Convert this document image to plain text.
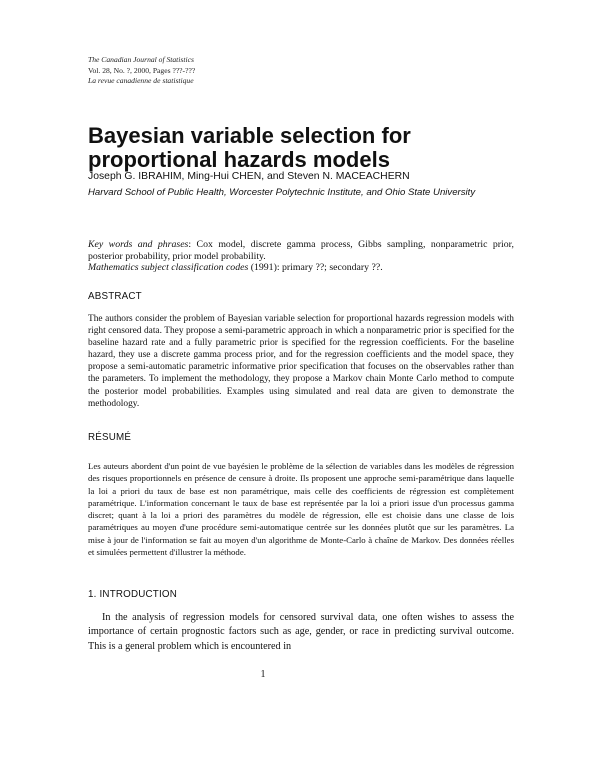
The Canadian Journal of Statistics
Vol. 28, No. ?, 2000, Pages ???-???
La revue canadienne de statistique
Bayesian variable selection for proportional hazards models
Joseph G. IBRAHIM, Ming-Hui CHEN, and Steven N. MACEACHERN
Harvard School of Public Health, Worcester Polytechnic Institute, and Ohio State University
Key words and phrases: Cox model, discrete gamma process, Gibbs sampling, nonparametric prior, posterior probability, prior model probability.
Mathematics subject classification codes (1991): primary ??; secondary ??.
ABSTRACT

The authors consider the problem of Bayesian variable selection for proportional hazards regression models with right censored data. They propose a semi-parametric approach in which a nonparametric prior is specified for the baseline hazard rate and a fully parametric prior is specified for the regression coefficients. For the baseline hazard, they use a discrete gamma process prior, and for the regression coefficients and the model space, they propose a semi-automatic parametric informative prior specification that focuses on the observables rather than the parameters. To implement the methodology, they propose a Markov chain Monte Carlo method to compute the posterior model probabilities. Examples using simulated and real data are given to demonstrate the methodology.

RÉSUMÉ

Les auteurs abordent d'un point de vue bayésien le problème de la sélection de variables dans les modèles de régression des risques proportionnels en présence de censure à droite. Ils proposent une approche semi-paramétrique dans laquelle la loi a priori du taux de base est non paramétrique, mais celle des coefficients de régression est complètement paramétrique. L'information concernant le taux de base est représentée par la loi a priori issue d'un processus gamma discret; quant à la loi a priori des paramètres du modèle de régression, elle est choisie dans une classe de lois paramétriques au moyen d'une procédure semi-automatique centrée sur les données plutôt que sur les paramètres. La mise à jour de l'information se fait au moyen d'un algorithme de Monte-Carlo à chaîne de Markov. Des données réelles et simulées permettent d'illustrer la méthode.

1. INTRODUCTION

In the analysis of regression models for censored survival data, one often wishes to assess the importance of certain prognostic factors such as age, gender, or race in predicting survival outcome. This is a general problem which is encountered in

1
